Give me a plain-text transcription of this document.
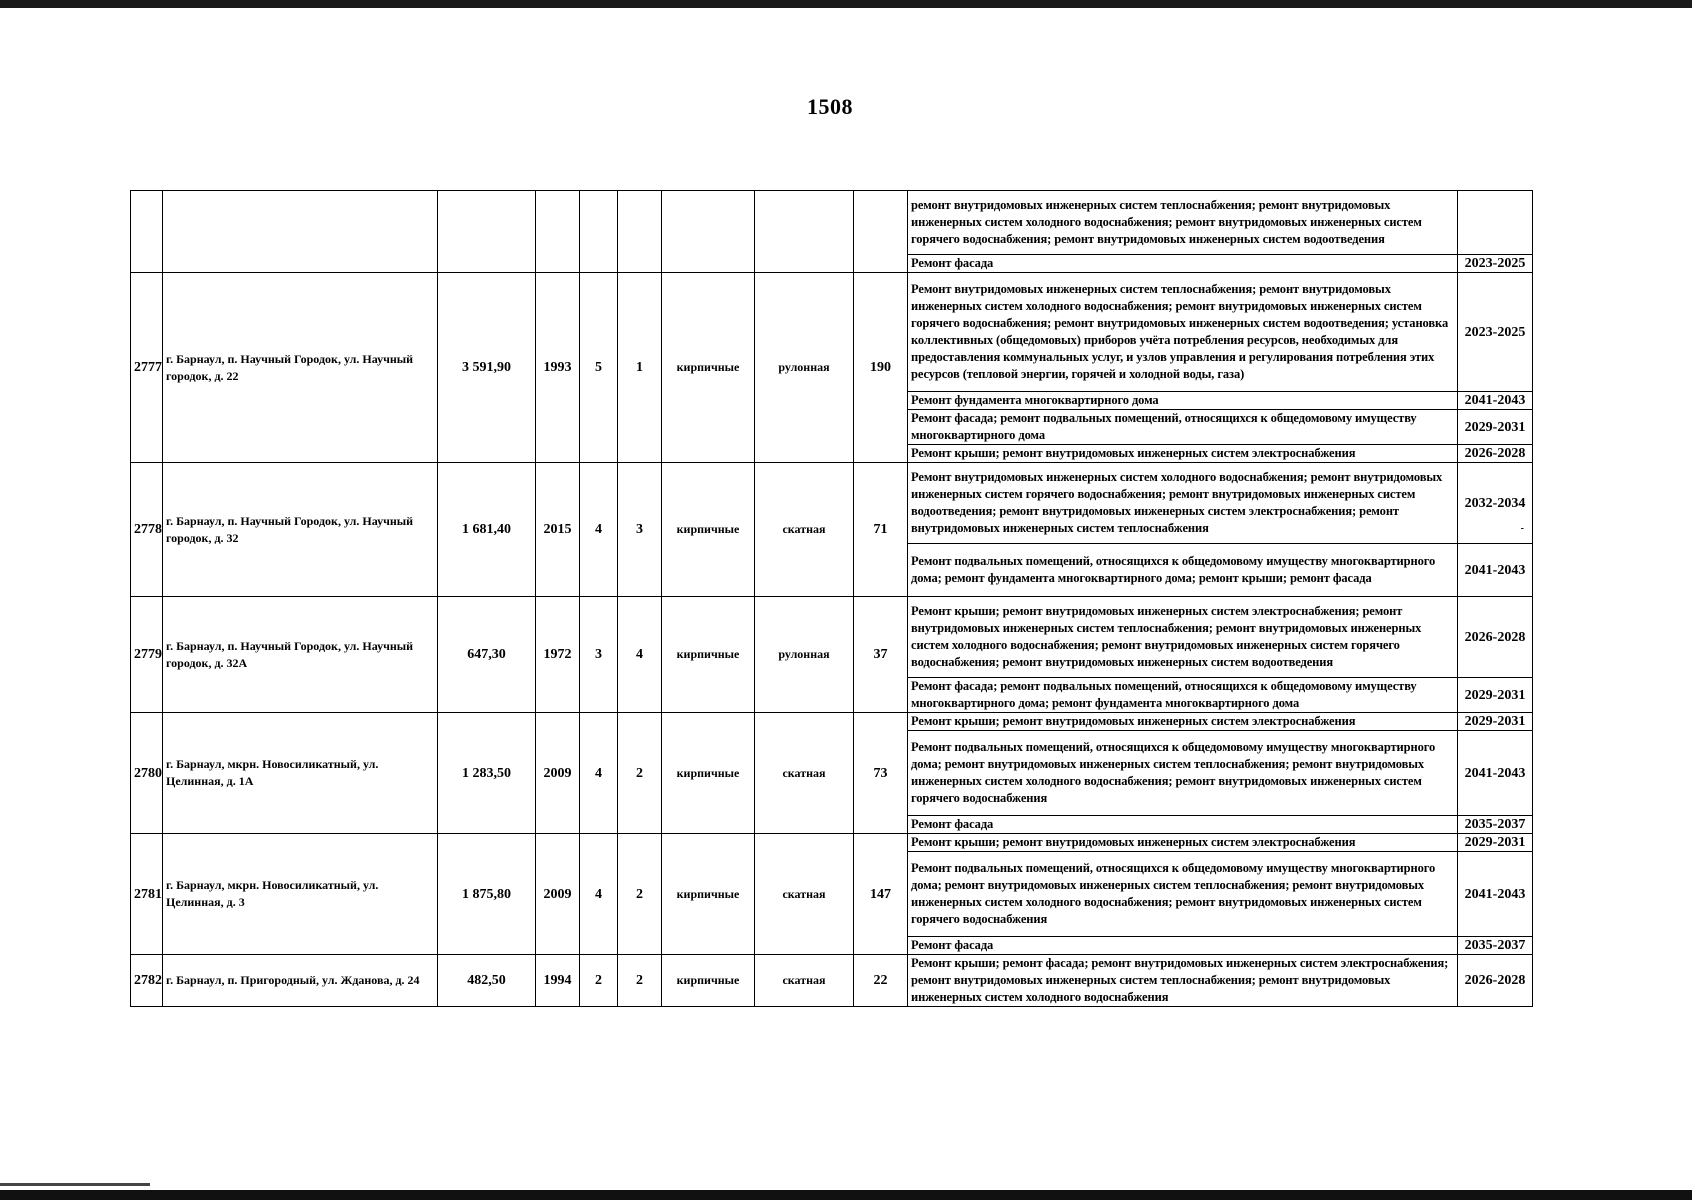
1508
									ремонт внутридомовых инженерных систем теплоснабжения; ремонт внутридомовых инженерных систем холодного водоснабжения; ремонт внутридомовых инженерных систем горячего водоснабжения; ремонт внутридомовых инженерных систем водоотведения	
									Ремонт фасада	2023-2025
2777	г. Барнаул, п. Научный Городок, ул. Научный городок, д. 22	3 591,90	1993	5	1	кирпичные	рулонная	190	Ремонт внутридомовых инженерных систем теплоснабжения; ремонт внутридомовых инженерных систем холодного водоснабжения; ремонт внутридомовых инженерных систем горячего водоснабжения; ремонт внутридомовых инженерных систем водоотведения; установка коллективных (общедомовых) приборов учёта потребления ресурсов, необходимых для предоставления коммунальных услуг, и узлов управления и регулирования потребления этих ресурсов (тепловой энергии, горячей и холодной воды, газа)	2023-2025
									Ремонт фундамента многоквартирного дома	2041-2043
									Ремонт фасада; ремонт подвальных помещений, относящихся к общедомовому имуществу многоквартирного дома	2029-2031
									Ремонт крыши; ремонт внутридомовых инженерных систем электроснабжения	2026-2028
2778	г. Барнаул, п. Научный Городок, ул. Научный городок, д. 32	1 681,40	2015	4	3	кирпичные	скатная	71	Ремонт внутридомовых инженерных систем холодного водоснабжения; ремонт внутридомовых инженерных систем горячего водоснабжения; ремонт внутридомовых инженерных систем водоотведения; ремонт внутридомовых инженерных систем электроснабжения; ремонт внутридомовых инженерных систем теплоснабжения	2032-2034
-

									Ремонт подвальных помещений, относящихся к общедомовому имуществу многоквартирного дома; ремонт фундамента многоквартирного дома; ремонт крыши; ремонт фасада	2041-2043
2779	г. Барнаул, п. Научный Городок, ул. Научный городок, д. 32А	647,30	1972	3	4	кирпичные	рулонная	37	Ремонт крыши; ремонт внутридомовых инженерных систем электроснабжения; ремонт внутридомовых инженерных систем теплоснабжения; ремонт внутридомовых инженерных систем холодного водоснабжения; ремонт внутридомовых инженерных систем горячего водоснабжения; ремонт внутридомовых инженерных систем водоотведения	2026-2028
									Ремонт фасада; ремонт подвальных помещений, относящихся к общедомовому имуществу многоквартирного дома; ремонт фундамента многоквартирного дома	2029-2031
2780	г. Барнаул, мкрн. Новосиликатный, ул. Целинная, д. 1А	1 283,50	2009	4	2	кирпичные	скатная	73	Ремонт крыши; ремонт внутридомовых инженерных систем электроснабжения	2029-2031
									Ремонт подвальных помещений, относящихся к общедомовому имуществу многоквартирного дома; ремонт внутридомовых инженерных систем теплоснабжения; ремонт внутридомовых инженерных систем холодного водоснабжения; ремонт внутридомовых инженерных систем горячего водоснабжения	2041-2043
									Ремонт фасада	2035-2037
2781	г. Барнаул, мкрн. Новосиликатный, ул. Целинная, д. 3	1 875,80	2009	4	2	кирпичные	скатная	147	Ремонт крыши; ремонт внутридомовых инженерных систем электроснабжения	2029-2031
									Ремонт подвальных помещений, относящихся к общедомовому имуществу многоквартирного дома; ремонт внутридомовых инженерных систем теплоснабжения; ремонт внутридомовых инженерных систем холодного водоснабжения; ремонт внутридомовых инженерных систем горячего водоснабжения	2041-2043
									Ремонт фасада	2035-2037
2782	г. Барнаул, п. Пригородный, ул. Жданова, д. 24	482,50	1994	2	2	кирпичные	скатная	22	Ремонт крыши; ремонт фасада; ремонт внутридомовых инженерных систем электроснабжения; ремонт внутридомовых инженерных систем теплоснабжения; ремонт внутридомовых инженерных систем холодного водоснабжения	2026-2028
